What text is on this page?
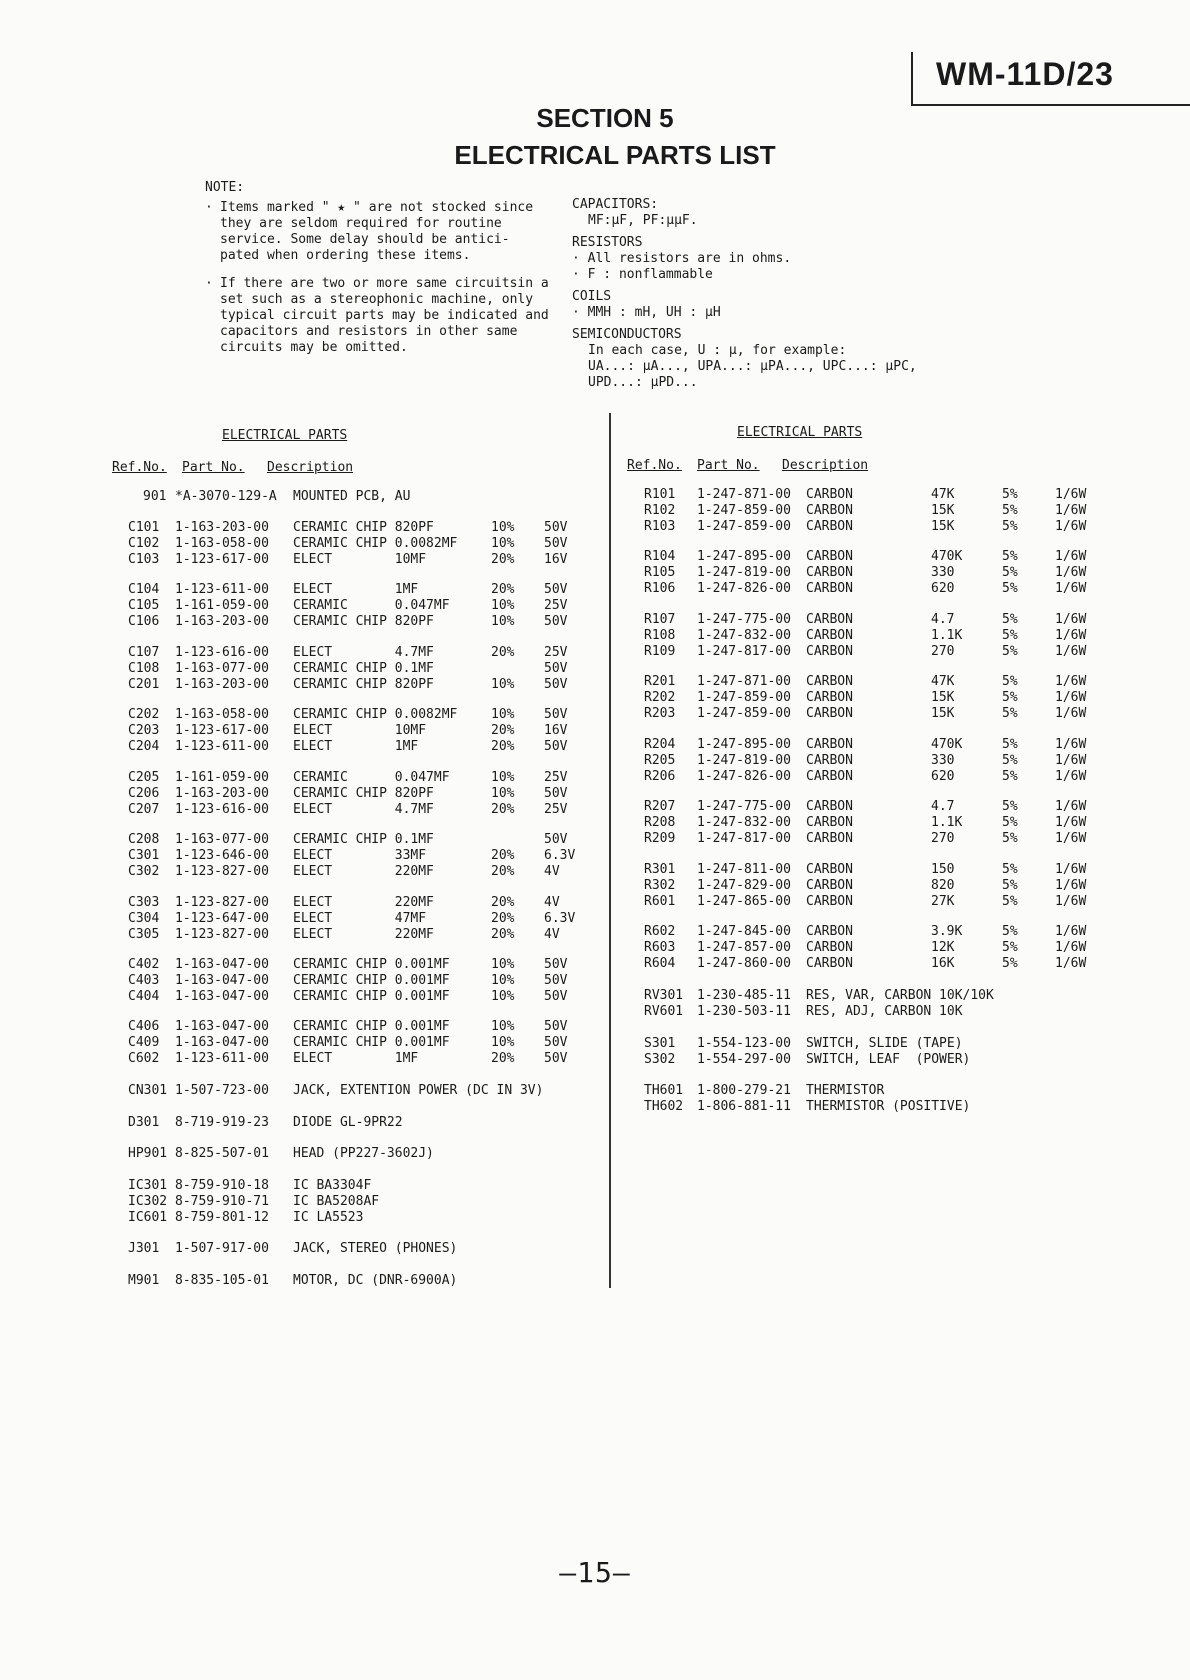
WM-11D/23
SECTION 5
ELECTRICAL PARTS LIST
NOTE:
· Items marked " ★ " are not stocked since
they are seldom required for routine
service. Some delay should be antici-
pated when ordering these items.
· If there are two or more same circuitsin a
set such as a stereophonic machine, only
typical circuit parts may be indicated and
capacitors and resistors in other same
circuits may be omitted.
CAPACITORS:
MF:µF, PF:µµF.
RESISTORS
· All resistors are in ohms.
· F : nonflammable
COILS
· MMH : mH, UH : µH
SEMICONDUCTORS
In each case, U : µ, for example:
UA...: µA..., UPA...: µPA..., UPC...: µPC,
UPD...: µPD...
ELECTRICAL PARTS	ELECTRICAL PARTS
Ref.No. Part No. Description	Ref.No. Part No. Description
901 *A-3070-129-A MOUNTED PCB, AU
C101 1-163-203-00 CERAMIC CHIP 820PF	10% 50V
C102 1-163-058-00 CERAMIC CHIP 0.0082MF	10% 50V
C103 1-123-617-00 ELECT        10MF	20% 16V
C104 1-123-611-00 ELECT        1MF	20% 50V
C105 1-161-059-00 CERAMIC      0.047MF	10% 25V
C106 1-163-203-00 CERAMIC CHIP 820PF	10% 50V
C107 1-123-616-00 ELECT        4.7MF	20% 25V
C108 1-163-077-00 CERAMIC CHIP 0.1MF	50V
C201 1-163-203-00 CERAMIC CHIP 820PF	10% 50V
C202 1-163-058-00 CERAMIC CHIP 0.0082MF	10% 50V
C203 1-123-617-00 ELECT        10MF	20% 16V
C204 1-123-611-00 ELECT        1MF	20% 50V
C205 1-161-059-00 CERAMIC      0.047MF	10% 25V
C206 1-163-203-00 CERAMIC CHIP 820PF	10% 50V
C207 1-123-616-00 ELECT        4.7MF	20% 25V
C208 1-163-077-00 CERAMIC CHIP 0.1MF	50V
C301 1-123-646-00 ELECT        33MF	20% 6.3V
C302 1-123-827-00 ELECT        220MF	20% 4V
C303 1-123-827-00 ELECT        220MF	20% 4V
C304 1-123-647-00 ELECT        47MF	20% 6.3V
C305 1-123-827-00 ELECT        220MF	20% 4V
C402 1-163-047-00 CERAMIC CHIP 0.001MF	10% 50V
C403 1-163-047-00 CERAMIC CHIP 0.001MF	10% 50V
C404 1-163-047-00 CERAMIC CHIP 0.001MF	10% 50V
C406 1-163-047-00 CERAMIC CHIP 0.001MF	10% 50V
C409 1-163-047-00 CERAMIC CHIP 0.001MF	10% 50V
C602 1-123-611-00 ELECT        1MF	20% 50V
CN301 1-507-723-00 JACK, EXTENTION POWER (DC IN 3V)
D301 8-719-919-23 DIODE GL-9PR22
HP901 8-825-507-01 HEAD (PP227-3602J)
IC301 8-759-910-18 IC BA3304F
IC302 8-759-910-71 IC BA5208AF
IC601 8-759-801-12 IC LA5523
J301 1-507-917-00 JACK, STEREO (PHONES)
M901 8-835-105-01 MOTOR, DC (DNR-6900A)
R101 1-247-871-00 CARBON	47K	5%	1/6W
R102 1-247-859-00 CARBON	15K	5%	1/6W
R103 1-247-859-00 CARBON	15K	5%	1/6W
R104 1-247-895-00 CARBON	470K	5%	1/6W
R105 1-247-819-00 CARBON	330	5%	1/6W
R106 1-247-826-00 CARBON	620	5%	1/6W
R107 1-247-775-00 CARBON	4.7	5%	1/6W
R108 1-247-832-00 CARBON	1.1K	5%	1/6W
R109 1-247-817-00 CARBON	270	5%	1/6W
R201 1-247-871-00 CARBON	47K	5%	1/6W
R202 1-247-859-00 CARBON	15K	5%	1/6W
R203 1-247-859-00 CARBON	15K	5%	1/6W
R204 1-247-895-00 CARBON	470K	5%	1/6W
R205 1-247-819-00 CARBON	330	5%	1/6W
R206 1-247-826-00 CARBON	620	5%	1/6W
R207 1-247-775-00 CARBON	4.7	5%	1/6W
R208 1-247-832-00 CARBON	1.1K	5%	1/6W
R209 1-247-817-00 CARBON	270	5%	1/6W
R301 1-247-811-00 CARBON	150	5%	1/6W
R302 1-247-829-00 CARBON	820	5%	1/6W
R601 1-247-865-00 CARBON	27K	5%	1/6W
R602 1-247-845-00 CARBON	3.9K	5%	1/6W
R603 1-247-857-00 CARBON	12K	5%	1/6W
R604 1-247-860-00 CARBON	16K	5%	1/6W
RV301 1-230-485-11 RES, VAR, CARBON 10K/10K
RV601 1-230-503-11 RES, ADJ, CARBON 10K
S301 1-554-123-00 SWITCH, SLIDE (TAPE)
S302 1-554-297-00 SWITCH, LEAF  (POWER)
TH601 1-800-279-21 THERMISTOR
TH602 1-806-881-11 THERMISTOR (POSITIVE)
—15—
